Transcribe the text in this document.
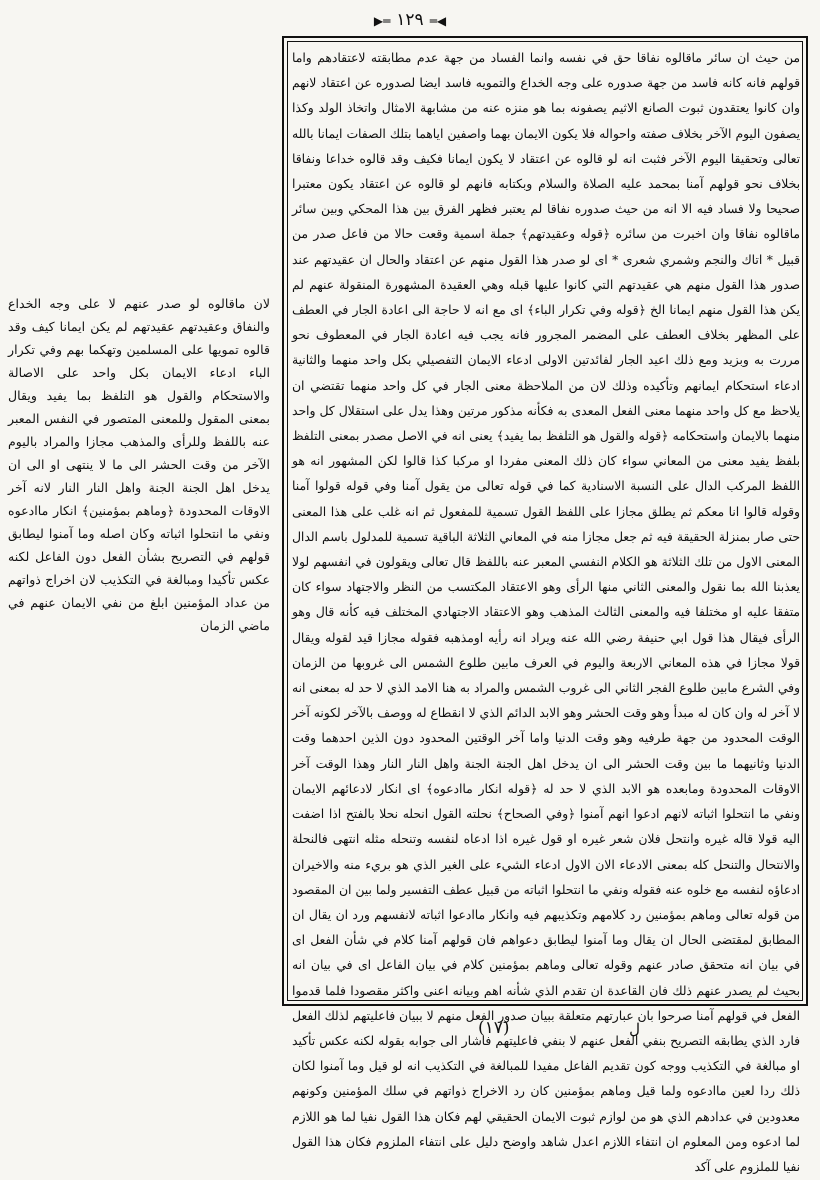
◀═١٢٩═▶
من حيث ان سائر ماقالوه نفاقا حق في نفسه وانما الفساد من جهة عدم مطابقته لاعتقادهم واما قولهم فانه كانه فاسد من جهة صدوره على وجه الخداع والتمويه فاسد ايضا لصدوره عن اعتقاد لانهم وان كانوا يعتقدون ثبوت الصانع الاثيم يصفونه بما هو منزه عنه من مشابهة الامثال واتخاذ الولد وكذا يصفون اليوم الآخر بخلاف صفته واحواله فلا يكون الايمان بهما واصفين اياهما بتلك الصفات ايمانا بالله تعالى وتحقيقا اليوم الآخر فثبت انه لو قالوه عن اعتقاد لا يكون ايمانا فكيف وقد قالوه خداعا ونفاقا بخلاف نحو قولهم آمنا بمحمد عليه الصلاة والسلام وبكتابه فانهم لو قالوه عن اعتقاد يكون معتبرا صحيحا ولا فساد فيه الا انه من حيث صدوره نفاقا لم يعتبر فظهر الفرق بين هذا المحكي وبين سائر ماقالوه نفاقا وان اخبرت من سائره ﴿قوله وعقيدتهم﴾ جملة اسمية وقعت حالا من فاعل صدر من قبيل * اتاك والنجم وشمري شعرى * اى لو صدر هذا القول منهم عن اعتقاد والحال ان عقيدتهم عند صدور هذا القول منهم هي عقيدتهم التي كانوا عليها قبله وهي العقيدة المشهورة المنقولة عنهم لم يكن هذا القول منهم ايمانا الخ ﴿قوله وفي تكرار الباء﴾ اى مع انه لا حاجة الى اعادة الجار في العطف على المظهر بخلاف العطف على المضمر المجرور فانه يجب فيه اعادة الجار في المعطوف نحو مررت به وبزيد ومع ذلك اعيد الجار لفائدتين الاولى ادعاء الايمان التفصيلي بكل واحد منهما والثانية ادعاء استحكام ايمانهم وتأكيده وذلك لان من الملاحظة معنى الجار في كل واحد منهما تقتضي ان يلاحظ مع كل واحد منهما معنى الفعل المعدى به فكأنه مذكور مرتين وهذا يدل على استقلال كل واحد منهما بالايمان واستحكامه ﴿قوله والقول هو التلفظ بما يفيد﴾ يعنى انه في الاصل مصدر بمعنى التلفظ بلفظ يفيد معنى من المعاني سواء كان ذلك المعنى مفردا او مركبا كذا قالوا لكن المشهور انه هو اللفظ المركب الدال على النسبة الاسنادية كما في قوله تعالى من يقول آمنا وفي قوله قولوا آمنا وقوله قالوا انا معكم ثم يطلق مجازا على اللفظ القول تسمية للمفعول ثم انه غلب على هذا المعنى حتى صار بمنزلة الحقيقة فيه ثم جعل مجازا منه في المعاني الثلاثة الباقية تسمية للمدلول باسم الدال المعنى الاول من تلك الثلاثة هو الكلام النفسي المعبر عنه باللفظ قال تعالى ويقولون في انفسهم لولا يعذبنا الله بما نقول والمعنى الثاني منها الرأى وهو الاعتقاد المكتسب من النظر والاجتهاد سواء كان متفقا عليه او مختلفا فيه والمعنى الثالث المذهب وهو الاعتقاد الاجتهادي المختلف فيه كأنه قال وهو الرأى فيقال هذا قول ابي حنيفة رضي الله عنه ويراد انه رأيه اومذهبه فقوله مجازا قيد لقوله ويقال قولا مجازا في هذه المعاني الاربعة واليوم في العرف مابين طلوع الشمس الى غروبها من الزمان وفي الشرع مابين طلوع الفجر الثاني الى غروب الشمس والمراد به هنا الامد الذي لا حد له بمعنى انه لا آخر له وان كان له مبدأ وهو وقت الحشر وهو الابد الدائم الذي لا انقطاع له ووصف بالآخر لكونه آخر الوقت المحدود من جهة طرفيه وهو وقت الدنيا واما آخر الوقتين المحدود دون الذين احدهما وقت الدنيا وثانيهما ما بين وقت الحشر الى ان يدخل اهل الجنة الجنة واهل النار النار وهذا الوقت آخر الاوقات المحدودة ومابعده هو الابد الذي لا حد له ﴿قوله انكار ماادعوه﴾ اى انكار لادعائهم الايمان ونفي ما انتحلوا اثباته لانهم ادعوا انهم آمنوا ﴿وفي الصحاح﴾ نحلته القول انحله نحلا بالفتح اذا اضفت اليه قولا قاله غيره وانتحل فلان شعر غيره او قول غيره اذا ادعاه لنفسه وتنحله مثله انتهى فالنحلة والانتحال والتنحل كله بمعنى الادعاء الان الاول ادعاء الشيء على الغير الذي هو بريء منه والاخيران ادعاؤه لنفسه مع خلوه عنه فقوله ونفي ما انتحلوا اثباته من قبيل عطف التفسير ولما بين ان المقصود من قوله تعالى وماهم بمؤمنين رد كلامهم وتكذيبهم فيه وانكار ماادعوا اثباته لانفسهم ورد ان يقال ان المطابق لمقتضى الحال ان يقال وما آمنوا ليطابق دعواهم فان قولهم آمنا كلام في شأن الفعل اى في بيان انه متحقق صادر عنهم وقوله تعالى وماهم بمؤمنين كلام في بيان الفاعل اى في بيان انه بحيث لم يصدر عنهم ذلك فان القاعدة ان تقدم الذي شأنه اهم وبيانه اعنى واكثر مقصودا فلما قدموا الفعل في قولهم آمنا صرحوا بان عبارتهم متعلقة ببيان صدور الفعل منهم لا ببيان فاعليتهم لذلك الفعل فارد الذي يطابقه التصريح بنفي الفعل عنهم لا بنفي فاعليتهم فاشار الى جوابه بقوله لكنه عكس تأكيد او مبالغة في التكذيب ووجه كون تقديم الفاعل مفيدا للمبالغة في التكذيب انه لو قيل وما آمنوا لكان ذلك ردا لعين ماادعوه ولما قيل وماهم بمؤمنين كان رد الاخراج ذواتهم في سلك المؤمنين وكونهم معدودين في عدادهم الذي هو من لوازم ثبوت الايمان الحقيقي لهم فكان هذا القول نفيا لما هو اللازم لما ادعوه ومن المعلوم ان انتفاء اللازم اعدل شاهد واوضح دليل على انتفاء الملزوم فكان هذا القول نفيا للملزوم على آكد
لان ماقالوه لو صدر عنهم لا على وجه الخداع والنفاق وعقيدتهم عقيدتهم لم يكن ايمانا كيف وقد قالوه تمويها على المسلمين وتهكما بهم وفي تكرار الباء ادعاء الايمان بكل واحد على الاصالة والاستحكام والقول هو التلفظ بما يفيد ويقال بمعنى المقول وللمعنى المتصور في النفس المعبر عنه باللفظ وللرأى والمذهب مجازا والمراد باليوم الآخر من وقت الحشر الى ما لا ينتهى او الى ان يدخل اهل الجنة الجنة واهل النار النار لانه آخر الاوقات المحدودة ﴿وماهم بمؤمنين﴾ انكار ماادعوه ونفي ما انتحلوا اثباته وكان اصله وما آمنوا ليطابق قولهم في التصريح بشأن الفعل دون الفاعل لكنه عكس تأكيدا ومبالغة في التكذيب لان اخراج ذواتهم من عداد المؤمنين ابلغ من نفي الايمان عنهم في ماضي الزمان
ل
(١٧)
